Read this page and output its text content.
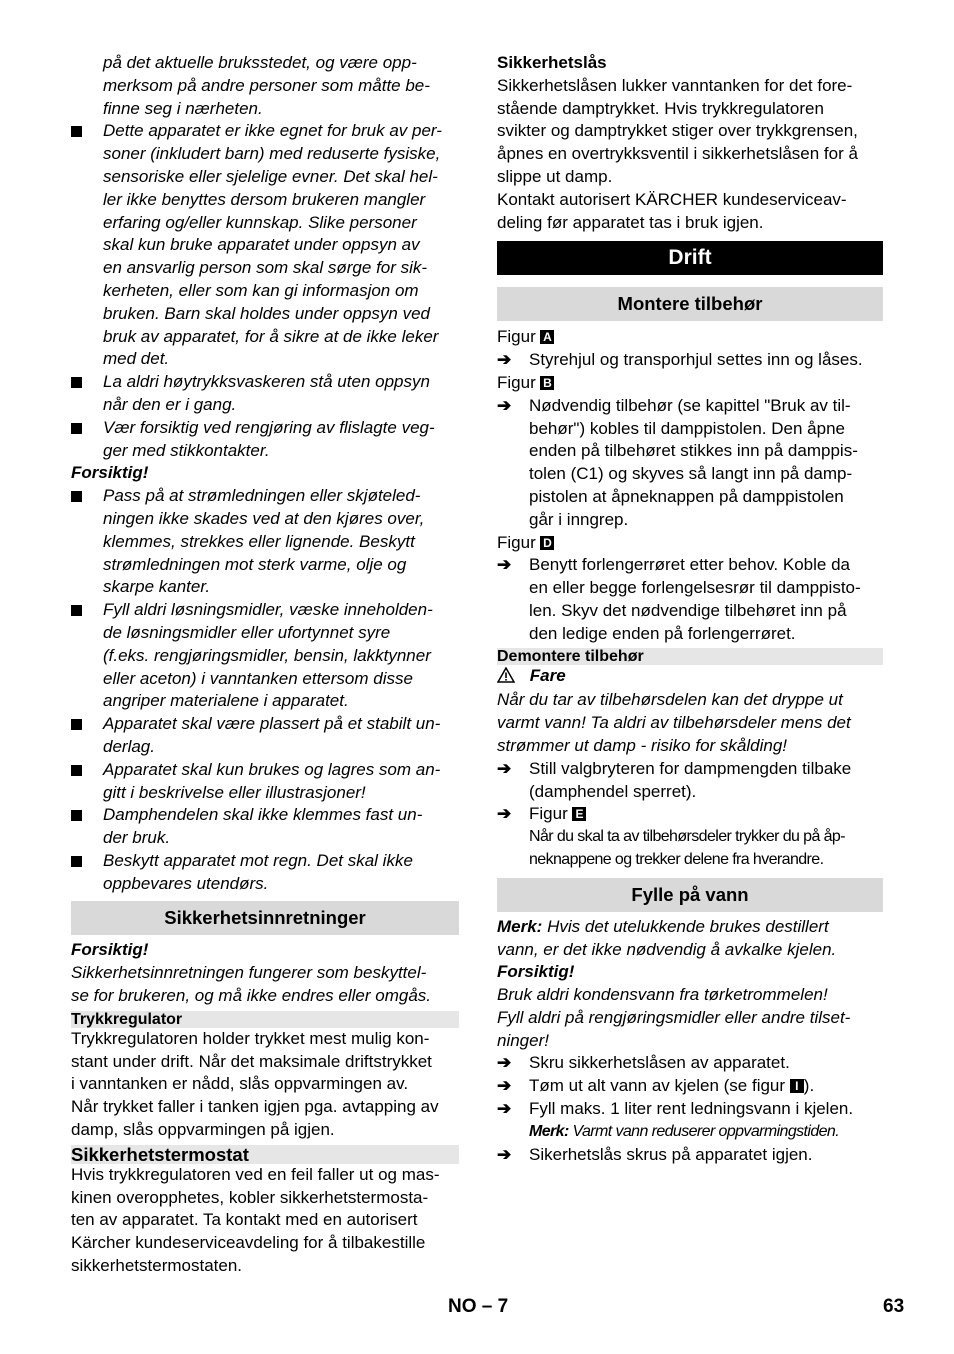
på det aktuelle bruksstedet, og være opp-
merksom på andre personer som måtte be-
finne seg i nærheten.
Dette apparatet er ikke egnet for bruk av per-
soner (inkludert barn) med reduserte fysiske,
sensoriske eller sjelelige evner. Det skal hel-
ler ikke benyttes dersom brukeren mangler
erfaring og/eller kunnskap. Slike personer
skal kun bruke apparatet under oppsyn av
en ansvarlig person som skal sørge for sik-
kerheten, eller som kan gi informasjon om
bruken. Barn skal holdes under oppsyn ved
bruk av apparatet, for å sikre at de ikke leker
med det.
La aldri høytrykksvaskeren stå uten oppsyn
når den er i gang.
Vær forsiktig ved rengjøring av flislagte veg-
ger med stikkontakter.
Forsiktig!
Pass på at strømledningen eller skjøteled-
ningen ikke skades ved at den kjøres over,
klemmes, strekkes eller lignende. Beskytt
strømledningen mot sterk varme, olje og
skarpe kanter.
Fyll aldri løsningsmidler, væske inneholden-
de løsningsmidler eller ufortynnet syre
(f.eks. rengjøringsmidler, bensin, lakktynner
eller aceton) i vanntanken ettersom disse
angriper materialene i apparatet.
Apparatet skal være plassert på et stabilt un-
derlag.
Apparatet skal kun brukes og lagres som an-
gitt i beskrivelse eller illustrasjoner!
Damphendelen skal ikke klemmes fast un-
der bruk.
Beskytt apparatet mot regn. Det skal ikke
oppbevares utendørs.
Sikkerhetsinnretninger
Forsiktig!
Sikkerhetsinnretningen fungerer som beskyttel-
se for brukeren, og må ikke endres eller omgås.
Trykkregulator
Trykkregulatoren holder trykket mest mulig kon-
stant under drift. Når det maksimale driftstrykket
i vanntanken er nådd, slås oppvarmingen av.
Når trykket faller i tanken igjen pga. avtapping av
damp, slås oppvarmingen på igjen.
Sikkerhetstermostat
Hvis trykkregulatoren ved en feil faller ut og mas-
kinen overopphetes, kobler sikkerhetstermosta-
ten av apparatet. Ta kontakt med en autorisert
Kärcher kundeserviceavdeling for å tilbakestille
sikkerhetstermostaten.
Sikkerhetslås
Sikkerhetslåsen lukker vanntanken for det fore-
stående damptrykket. Hvis trykkregulatoren
svikter og damptrykket stiger over trykkgrensen,
åpnes en overtrykksventil i sikkerhetslåsen for å
slippe ut damp.
Kontakt autorisert KÄRCHER kundeserviceav-
deling før apparatet tas i bruk igjen.
Drift
Montere tilbehør
Figur A
➔	Styrehjul og transporhjul settes inn og låses.
Figur B
➔	Nødvendig tilbehør (se kapittel "Bruk av til-
behør") kobles til damppistolen. Den åpne
enden på tilbehøret stikkes inn på damppis-
tolen (C1) og skyves så langt inn på damp-
pistolen at åpneknappen på damppistolen
går i inngrep.
Figur D
➔	Benytt forlengerrøret etter behov. Koble da
en eller begge forlengelsesrør til dampp​isto-
len. Skyv det nødvendige tilbehøret inn på
den ledige enden på forlengerrøret.
Demontere tilbehør
Fare
Når du tar av tilbehørsdelen kan det dryppe ut
varmt vann! Ta aldri av tilbehørsdeler mens det
strømmer ut damp - risiko for skålding!
➔	Still valgbryteren for dampmengden tilbake
(damphendel sperret).
➔	Figur E
Når du skal ta av tilbehørsdeler trykker du på åp-
neknappene og trekker delene fra hverandre.
Fylle på vann
Merk: Hvis det utelukkende brukes destillert
vann, er det ikke nødvendig å avkalke kjelen.
Forsiktig!
Bruk aldri kondensvann fra tørketrommelen!
Fyll aldri på rengjøringsmidler eller andre tilset-
ninger!
➔	Skru sikkerhetslåsen av apparatet.
➔	Tøm ut alt vann av kjelen (se figur I ).
➔	Fyll maks. 1 liter rent ledningsvann i kjelen.
Merk: Varmt vann reduserer oppvarmingstiden.
➔	Sikerhetslås skrus på apparatet igjen.
NO – 7	63
